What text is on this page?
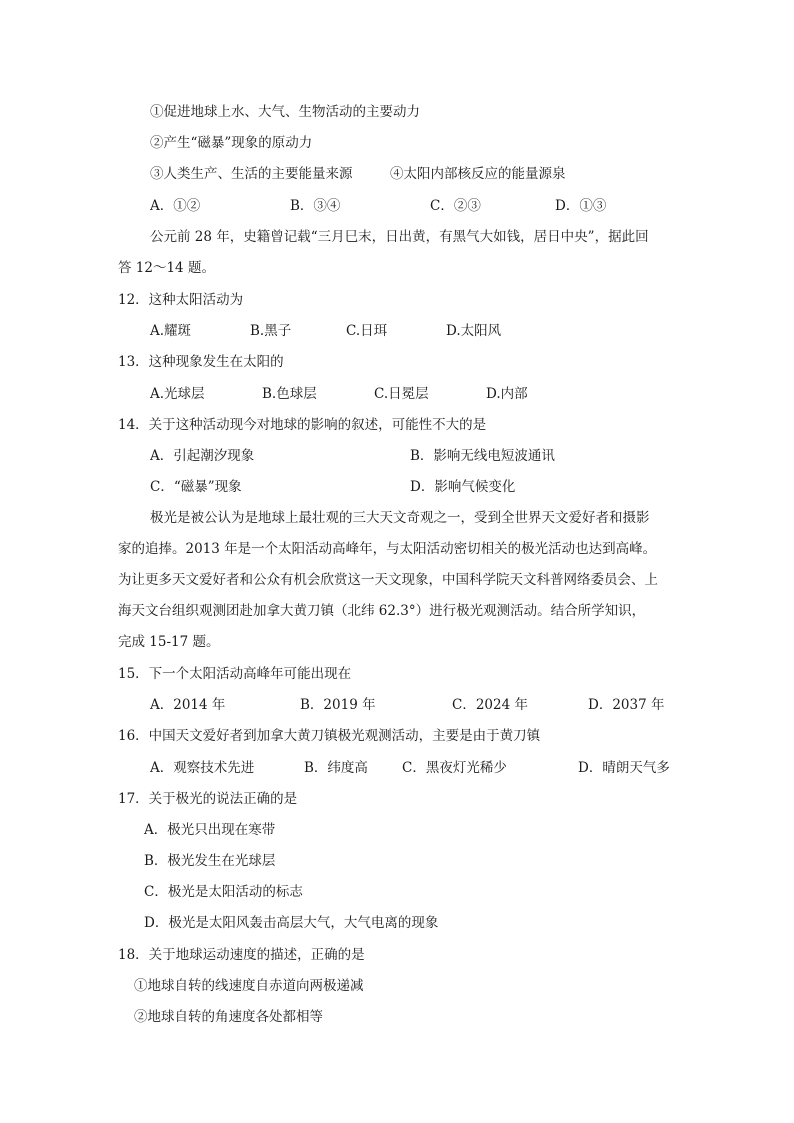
①促进地球上水、大气、生物活动的主要动力
②产生“磁暴”现象的原动力
③人类生产、生活的主要能量来源	④太阳内部核反应的能量源泉
A．①②	B．③④	C．②③	D．①③
公元前 28 年，史籍曾记载“三月巳末，日出黄，有黑气大如钱，居日中央”，据此回
答 12～14 题。
12．这种太阳活动为
A.耀斑	B.黑子	C.日珥	D.太阳风
13．这种现象发生在太阳的
A.光球层	B.色球层	C.日冕层	D.内部
14．关于这种活动现今对地球的影响的叙述，可能性不大的是
A．引起潮汐现象	B．影响无线电短波通讯
C．“磁暴”现象	D．影响气候变化
极光是被公认为是地球上最壮观的三大天文奇观之一，受到全世界天文爱好者和摄影
家的追捧。2013 年是一个太阳活动高峰年，与太阳活动密切相关的极光活动也达到高峰。
为让更多天文爱好者和公众有机会欣赏这一天文现象，中国科学院天文科普网络委员会、上
海天文台组织观测团赴加拿大黄刀镇（北纬 62.3°）进行极光观测活动。结合所学知识，
完成 15-17 题。
15．下一个太阳活动高峰年可能出现在
A．2014 年	B．2019 年	C．2024 年	D．2037 年
16．中国天文爱好者到加拿大黄刀镇极光观测活动，主要是由于黄刀镇
A．观察技术先进	B．纬度高	C．黑夜灯光稀少	D．晴朗天气多
17．关于极光的说法正确的是
A．极光只出现在寒带
B．极光发生在光球层
C．极光是太阳活动的标志
D．极光是太阳风轰击高层大气，大气电离的现象
18．关于地球运动速度的描述，正确的是
①地球自转的线速度自赤道向两极递减
②地球自转的角速度各处都相等
